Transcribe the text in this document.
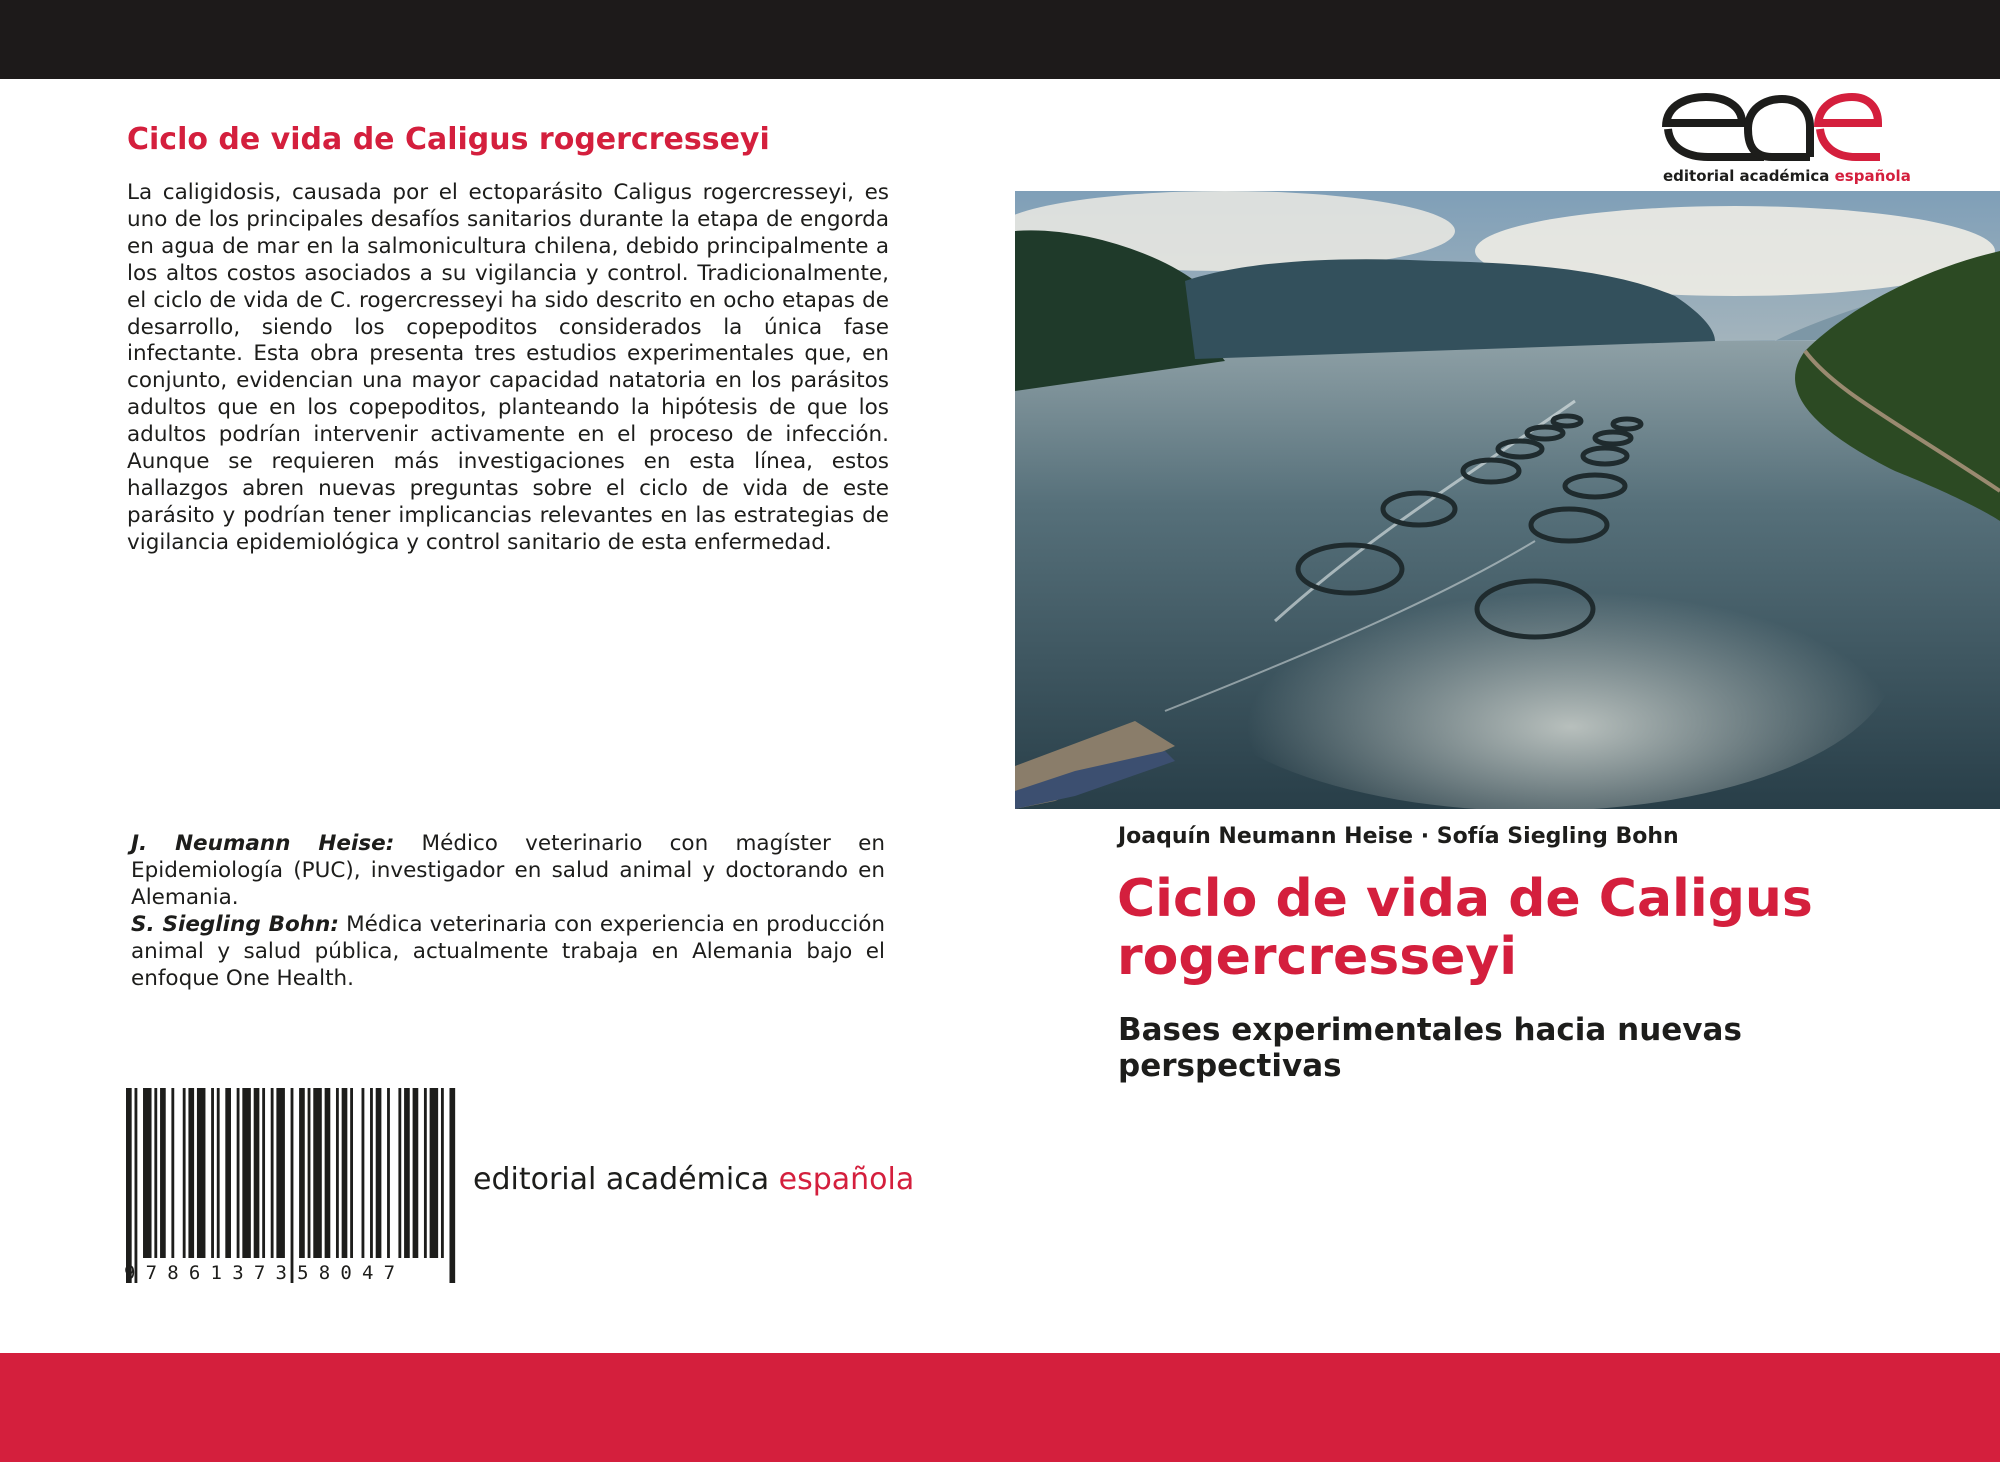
Ciclo de vida de Caligus rogercresseyi

La caligidosis, causada por el ectoparásito Caligus rogercresseyi, es uno de los principales desafíos sanitarios durante la etapa de engorda en agua de mar en la salmonicultura chilena, debido principalmente a los altos costos asociados a su vigilancia y control. Tradicionalmente, el ciclo de vida de C. rogercresseyi ha sido descrito en ocho etapas de desarrollo, siendo los copepoditos considerados la única fase infectante. Esta obra presenta tres estudios experimentales que, en conjunto, evidencian una mayor capacidad natatoria en los parásitos adultos que en los copepoditos, planteando la hipótesis de que los adultos podrían intervenir activamente en el proceso de infección. Aunque se requieren más investigaciones en esta línea, estos hallazgos abren nuevas preguntas sobre el ciclo de vida de este parásito y podrían tener implicancias relevantes en las estrategias de vigilancia epidemiológica y control sanitario de esta enfermedad.

J. Neumann Heise: Médico veterinario con magíster en Epidemiología (PUC), investigador en salud animal y doctorando en Alemania.

S. Siegling Bohn: Médica veterinaria con experiencia en producción animal y salud pública, actualmente trabaja en Alemania bajo el enfoque One Health.

9786137358047
editorial académica española
editorial académica española
Joaquín Neumann Heise · Sofía Siegling Bohn
Ciclo de vida de Caligus rogercresseyi
Bases experimentales hacia nuevas perspectivas
